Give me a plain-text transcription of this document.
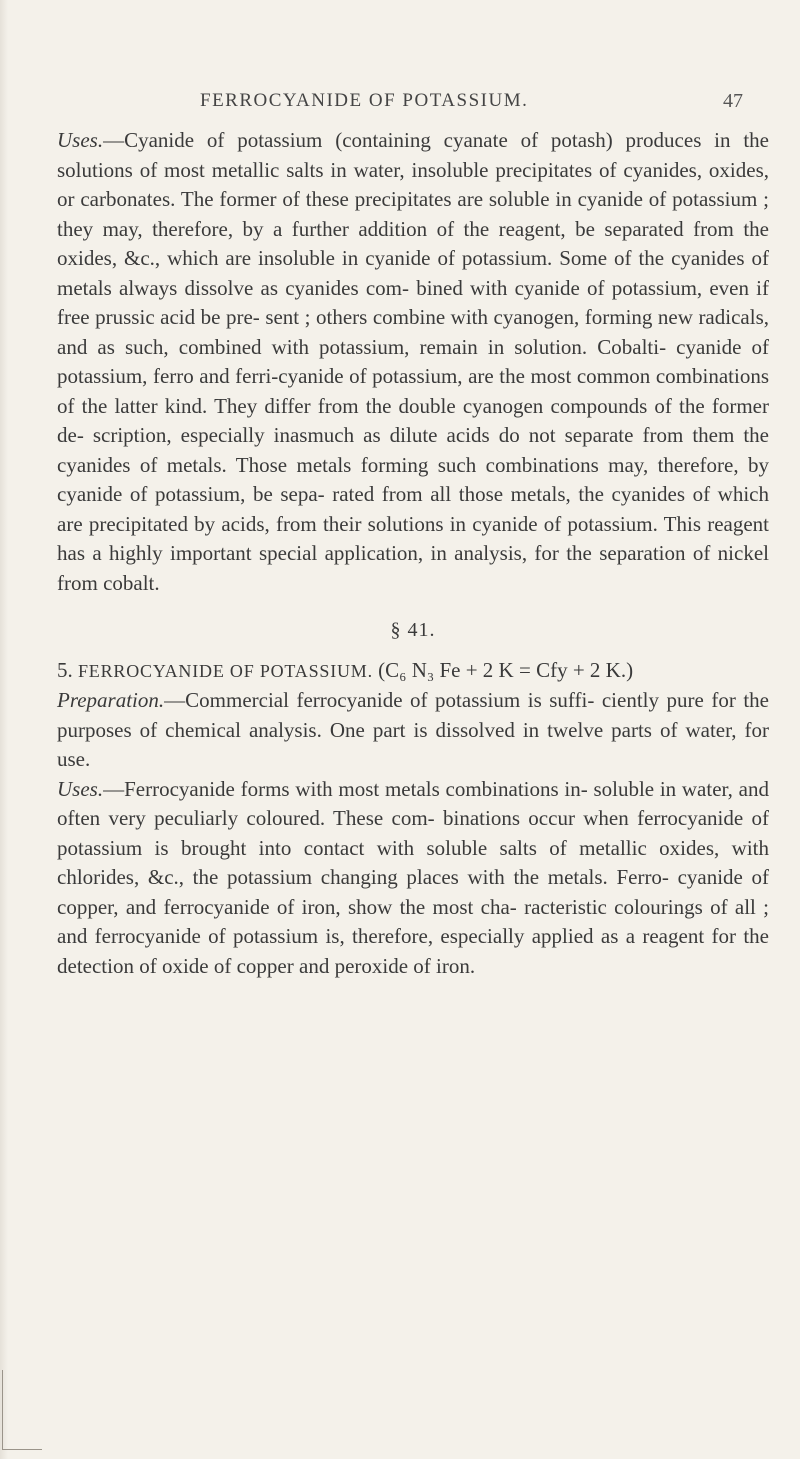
FERROCYANIDE OF POTASSIUM.	47

Uses.—Cyanide of potassium (containing cyanate of potash) produces in the solutions of most metallic salts in water, insoluble precipitates of cyanides, oxides, or carbonates. The former of these precipitates are soluble in cyanide of potassium ; they may, therefore, by a further addition of the reagent, be separated from the oxides, &c., which are insoluble in cyanide of potassium. Some of the cyanides of metals always dissolve as cyanides com- bined with cyanide of potassium, even if free prussic acid be pre- sent ; others combine with cyanogen, forming new radicals, and as such, combined with potassium, remain in solution. Cobalti- cyanide of potassium, ferro and ferri-cyanide of potassium, are the most common combinations of the latter kind. They differ from the double cyanogen compounds of the former de- scription, especially inasmuch as dilute acids do not separate from them the cyanides of metals. Those metals forming such combinations may, therefore, by cyanide of potassium, be sepa- rated from all those metals, the cyanides of which are precipitated by acids, from their solutions in cyanide of potassium. This reagent has a highly important special application, in analysis, for the separation of nickel from cobalt.

§ 41.

5. FERROCYANIDE OF POTASSIUM. (C₆ N₃ Fe + 2 K = Cfy + 2 K.)

Preparation.—Commercial ferrocyanide of potassium is suffi- ciently pure for the purposes of chemical analysis. One part is dissolved in twelve parts of water, for use.

Uses.—Ferrocyanide forms with most metals combinations in- soluble in water, and often very peculiarly coloured. These com- binations occur when ferrocyanide of potassium is brought into contact with soluble salts of metallic oxides, with chlorides, &c., the potassium changing places with the metals. Ferro- cyanide of copper, and ferrocyanide of iron, show the most cha- racteristic colourings of all ; and ferrocyanide of potassium is, therefore, especially applied as a reagent for the detection of oxide of copper and peroxide of iron.
